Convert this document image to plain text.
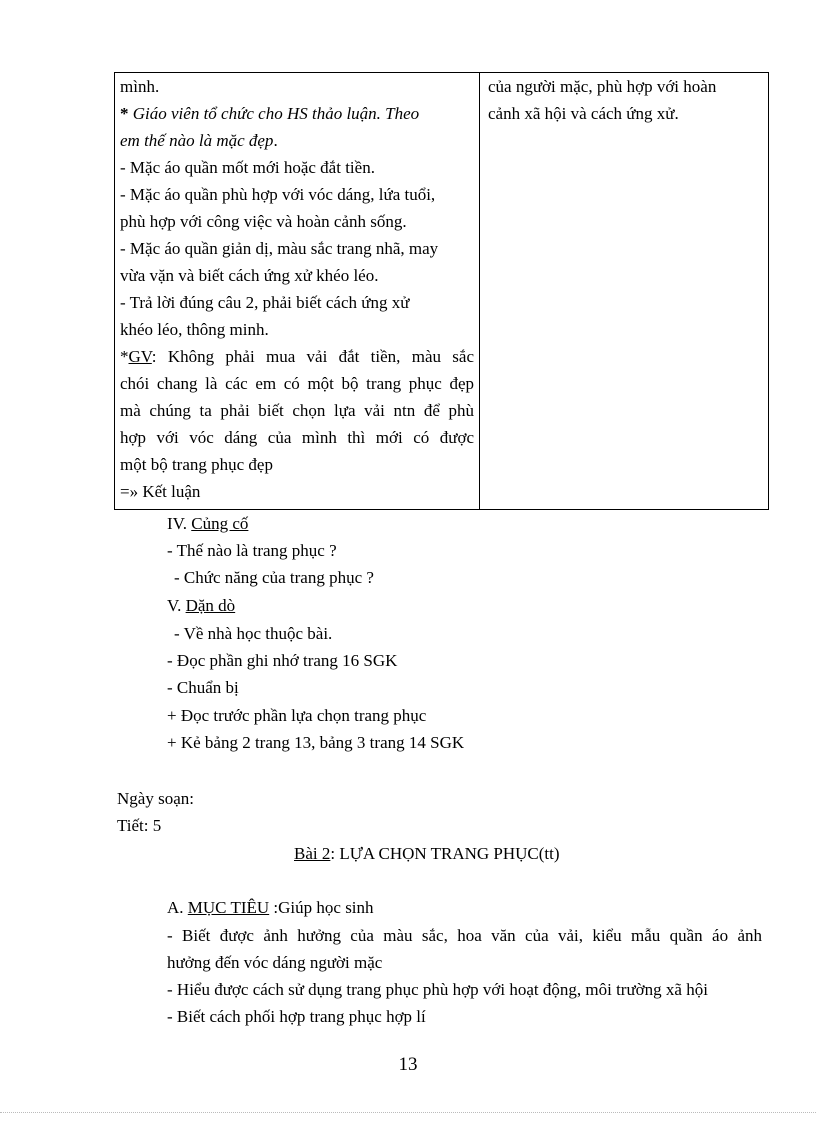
mình.
* Giáo viên tổ chức cho HS thảo luận. Theo
em thế nào là mặc đẹp.
- Mặc áo quần mốt mới hoặc đắt tiền.
- Mặc áo quần phù hợp với vóc dáng, lứa tuổi,
phù hợp với công việc và hoàn cảnh sống.
- Mặc áo quần giản dị, màu sắc trang nhã, may
vừa vặn và biết cách ứng xử khéo léo.
- Trả lời đúng câu 2, phải biết cách ứng xử
khéo léo, thông minh.
*GV: Không phải mua vải đắt tiền, màu sắc
chói chang là các em có một bộ trang phục đẹp
mà chúng ta phải biết chọn lựa vải ntn để phù
hợp với vóc dáng của mình thì mới có được
một bộ trang phục đẹp
=» Kết luận
của người mặc, phù hợp với hoàn
cảnh xã hội và cách ứng xử.
IV. Củng cố
- Thế nào là trang phục ?
- Chức năng của trang phục ?
V. Dặn dò
- Về nhà học thuộc bài.
- Đọc phần ghi nhớ trang 16 SGK
- Chuẩn bị
+ Đọc trước phần lựa chọn trang phục
+ Kẻ bảng 2 trang 13, bảng 3 trang 14 SGK
Ngày soạn:
Tiết: 5
Bài 2: LỰA CHỌN TRANG PHỤC(tt)
A. MỤC TIÊU :Giúp học sinh
- Biết được ảnh hưởng của màu sắc, hoa văn của vải, kiểu mẫu quần áo ảnh
hưởng đến vóc dáng người mặc
- Hiểu được cách sử dụng trang phục phù hợp với hoạt động, môi trường xã hội
- Biết cách phối hợp trang phục hợp lí
13
